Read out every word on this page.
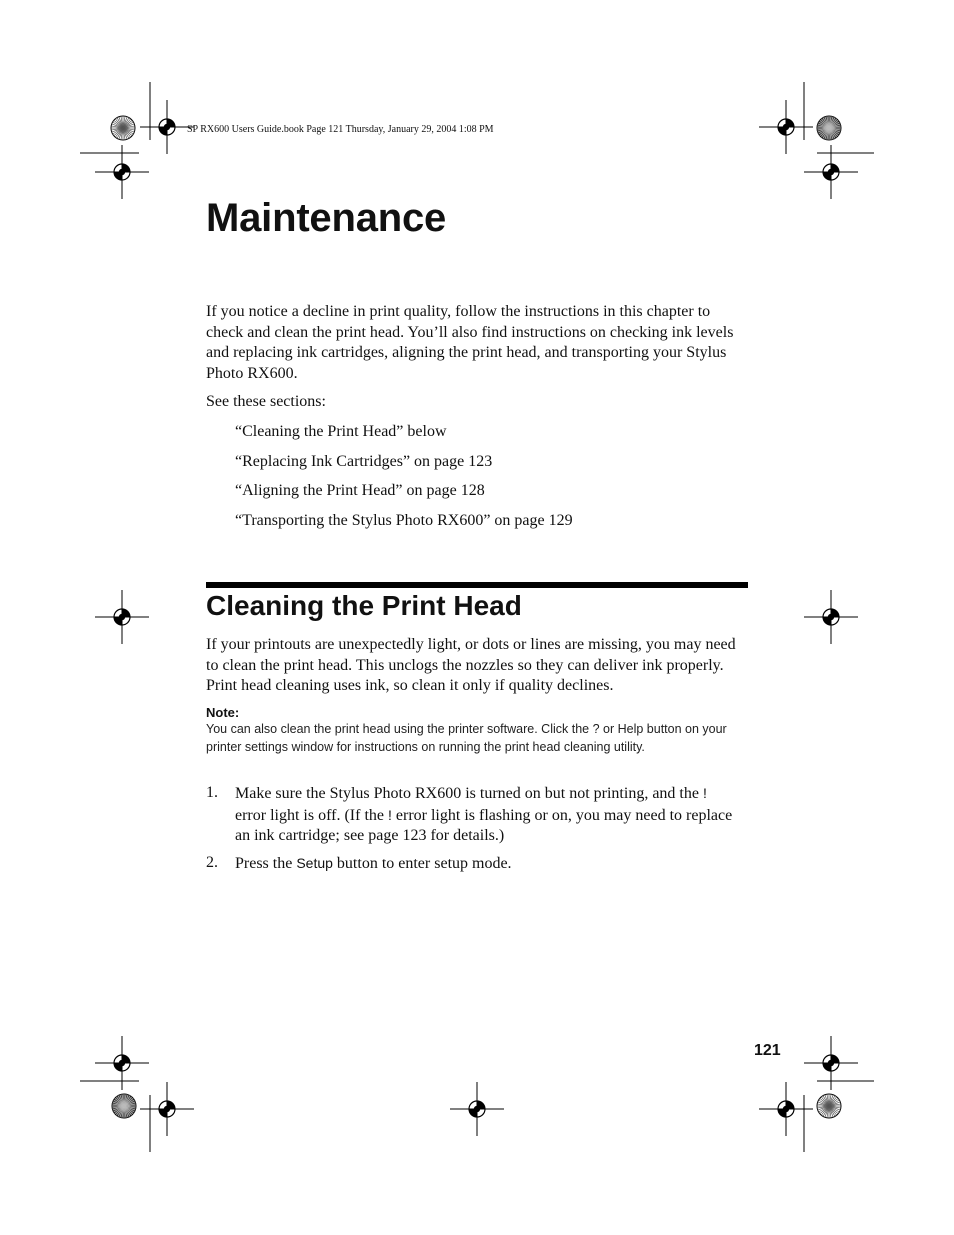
SP RX600 Users Guide.book Page 121 Thursday, January 29, 2004 1:08 PM
Maintenance

If you notice a decline in print quality, follow the instructions in this chapter to check and clean the print head. You’ll also find instructions on checking ink levels and replacing ink cartridges, aligning the print head, and transporting your Stylus Photo RX600.

See these sections:

“Cleaning the Print Head” below
“Replacing Ink Cartridges” on page 123
“Aligning the Print Head” on page 128
“Transporting the Stylus Photo RX600” on page 129
Cleaning the Print Head

If your printouts are unexpectedly light, or dots or lines are missing, you may need to clean the print head. This unclogs the nozzles so they can deliver ink properly. Print head cleaning uses ink, so clean it only if quality declines.

Note:

You can also clean the print head using the printer software. Click the ? or Help button on your printer settings window for instructions on running the print head cleaning utility.

1. Make sure the Stylus Photo RX600 is turned on but not printing, and the ! error light is off. (If the ! error light is flashing or on, you may need to replace an ink cartridge; see page 123 for details.)
2. Press the Setup button to enter setup mode.
121
